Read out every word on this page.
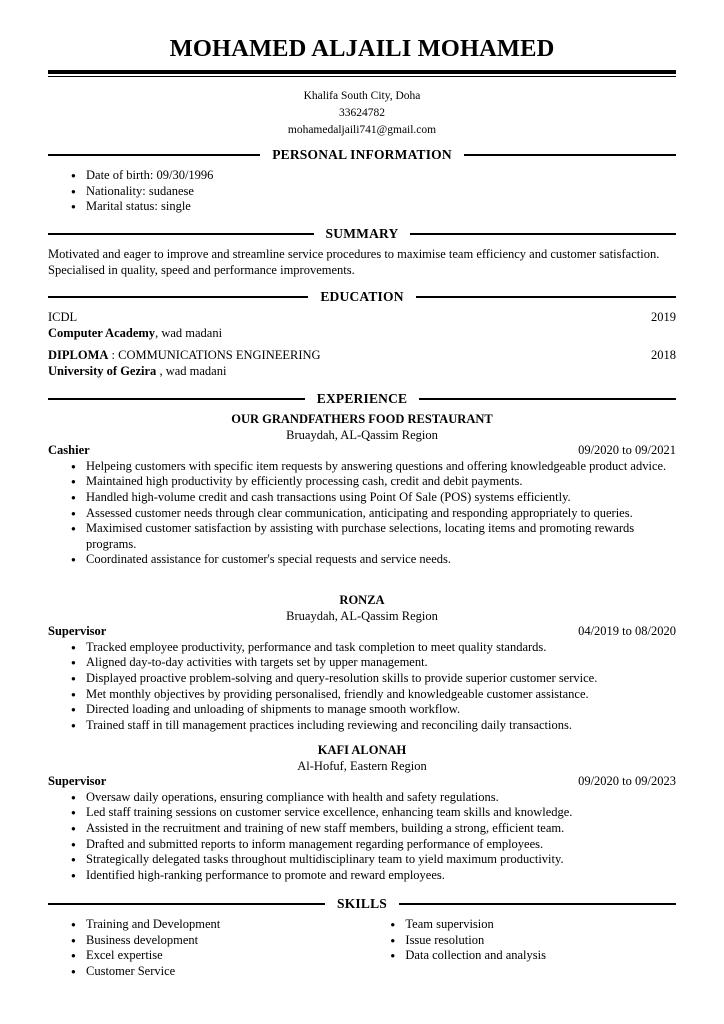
MOHAMED ALJAILI MOHAMED
Khalifa South City, Doha
33624782
mohamedaljaili741@gmail.com
PERSONAL INFORMATION
● Date of birth: 09/30/1996
● Nationality: sudanese
● Marital status: single
SUMMARY
Motivated and eager to improve and streamline service procedures to maximise team efficiency and customer satisfaction. Specialised in quality, speed and performance improvements.
EDUCATION
ICDL	2019
Computer Academy, wad madani
DIPLOMA : COMMUNICATIONS ENGINEERING	2018
University of Gezira , wad madani
EXPERIENCE
OUR GRANDFATHERS FOOD RESTAURANT
Bruaydah, AL-Qassim Region
Cashier	09/2020 to 09/2021
● Helpeing customers with specific item requests by answering questions and offering knowledgeable product advice.
● Maintained high productivity by efficiently processing cash, credit and debit payments.
● Handled high-volume credit and cash transactions using Point Of Sale (POS) systems efficiently.
● Assessed customer needs through clear communication, anticipating and responding appropriately to queries.
● Maximised customer satisfaction by assisting with purchase selections, locating items and promoting rewards programs.
● Coordinated assistance for customer's special requests and service needs.
RONZA
Bruaydah, AL-Qassim Region
Supervisor	04/2019 to 08/2020
● Tracked employee productivity, performance and task completion to meet quality standards.
● Aligned day-to-day activities with targets set by upper management.
● Displayed proactive problem-solving and query-resolution skills to provide superior customer service.
● Met monthly objectives by providing personalised, friendly and knowledgeable customer assistance.
● Directed loading and unloading of shipments to manage smooth workflow.
● Trained staff in till management practices including reviewing and reconciling daily transactions.
KAFI ALONAH
Al-Hofuf, Eastern Region
Supervisor	09/2020 to 09/2023
● Oversaw daily operations, ensuring compliance with health and safety regulations.
● Led staff training sessions on customer service excellence, enhancing team skills and knowledge.
● Assisted in the recruitment and training of new staff members, building a strong, efficient team.
● Drafted and submitted reports to inform management regarding performance of employees.
● Strategically delegated tasks throughout multidisciplinary team to yield maximum productivity.
● Identified high-ranking performance to promote and reward employees.
SKILLS
● Training and Development
● Business development
● Excel expertise
● Customer Service
● Team supervision
● Issue resolution
● Data collection and analysis
